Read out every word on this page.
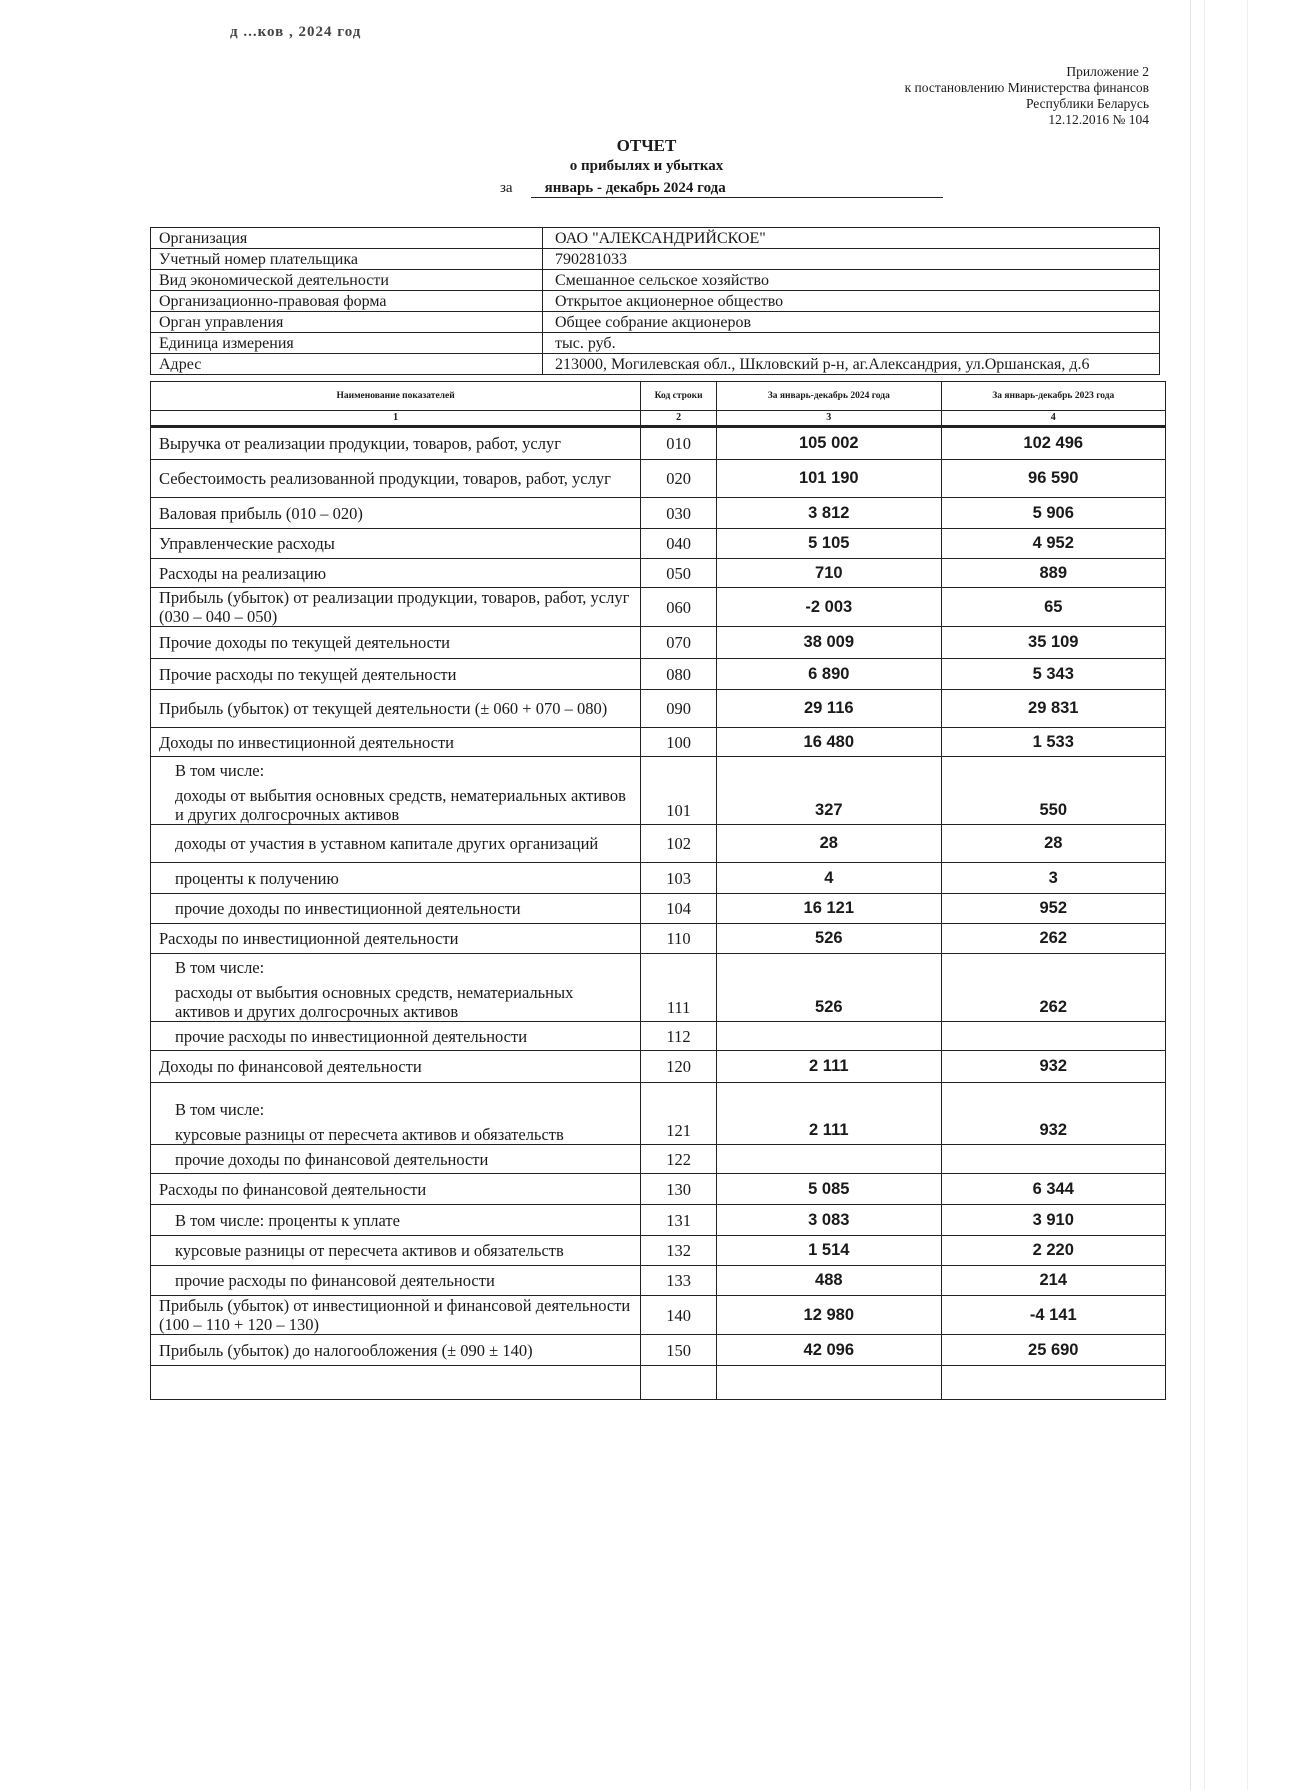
д ...ков , 2024 год
Приложение 2
к постановлению Министерства финансов
Республики Беларусь
12.12.2016 № 104
ОТЧЕТ
о прибылях и убытках
за январь - декабрь 2024 года
Организация	ОАО "АЛЕКСАНДРИЙСКОЕ"
Учетный номер плательщика	790281033
Вид экономической деятельности	Смешанное сельское хозяйство
Организационно-правовая форма	Открытое акционерное общество
Орган управления	Общее собрание акционеров
Единица измерения	тыс. руб.
Адрес	213000, Могилевская обл., Шкловский р-н, аг.Александрия, ул.Оршанская, д.6
Наименование показателей	Код строки	За январь-декабрь 2024 года	За январь-декабрь 2023 года
1	2	3	4
Выручка от реализации продукции, товаров, работ, услуг	010	105 002	102 496
Себестоимость реализованной продукции, товаров, работ, услуг	020	101 190	96 590
Валовая прибыль (010 – 020)	030	3 812	5 906
Управленческие расходы	040	5 105	4 952
Расходы на реализацию	050	710	889
Прибыль (убыток) от реализации продукции, товаров, работ, услуг (030 – 040 – 050)	060	-2 003	65
Прочие доходы по текущей деятельности	070	38 009	35 109
Прочие расходы по текущей деятельности	080	6 890	5 343
Прибыль (убыток) от текущей деятельности (± 060 + 070 – 080)	090	29 116	29 831
Доходы по инвестиционной деятельности	100	16 480	1 533

В том числе:
доходы от выбытия основных средств, нематериальных активов и других долгосрочных активов	101	327	550
доходы от участия в уставном капитале других организаций	102	28	28
проценты к получению	103	4	3
прочие доходы по инвестиционной деятельности	104	16 121	952
Расходы по инвестиционной деятельности	110	526	262

В том числе:
расходы от выбытия основных средств, нематериальных активов и других долгосрочных активов	111	526	262
прочие расходы по инвестиционной деятельности	112		
Доходы по финансовой деятельности	120	2 111	932

В том числе:
курсовые разницы от пересчета активов и обязательств	121	2 111	932
прочие доходы по финансовой деятельности	122		
Расходы по финансовой деятельности	130	5 085	6 344
В том числе: проценты к уплате	131	3 083	3 910
курсовые разницы от пересчета активов и обязательств	132	1 514	2 220
прочие расходы по финансовой деятельности	133	488	214
Прибыль (убыток) от инвестиционной и финансовой деятельности (100 – 110 + 120 – 130)	140	12 980	-4 141
Прибыль (убыток) до налогообложения (± 090 ± 140)	150	42 096	25 690
